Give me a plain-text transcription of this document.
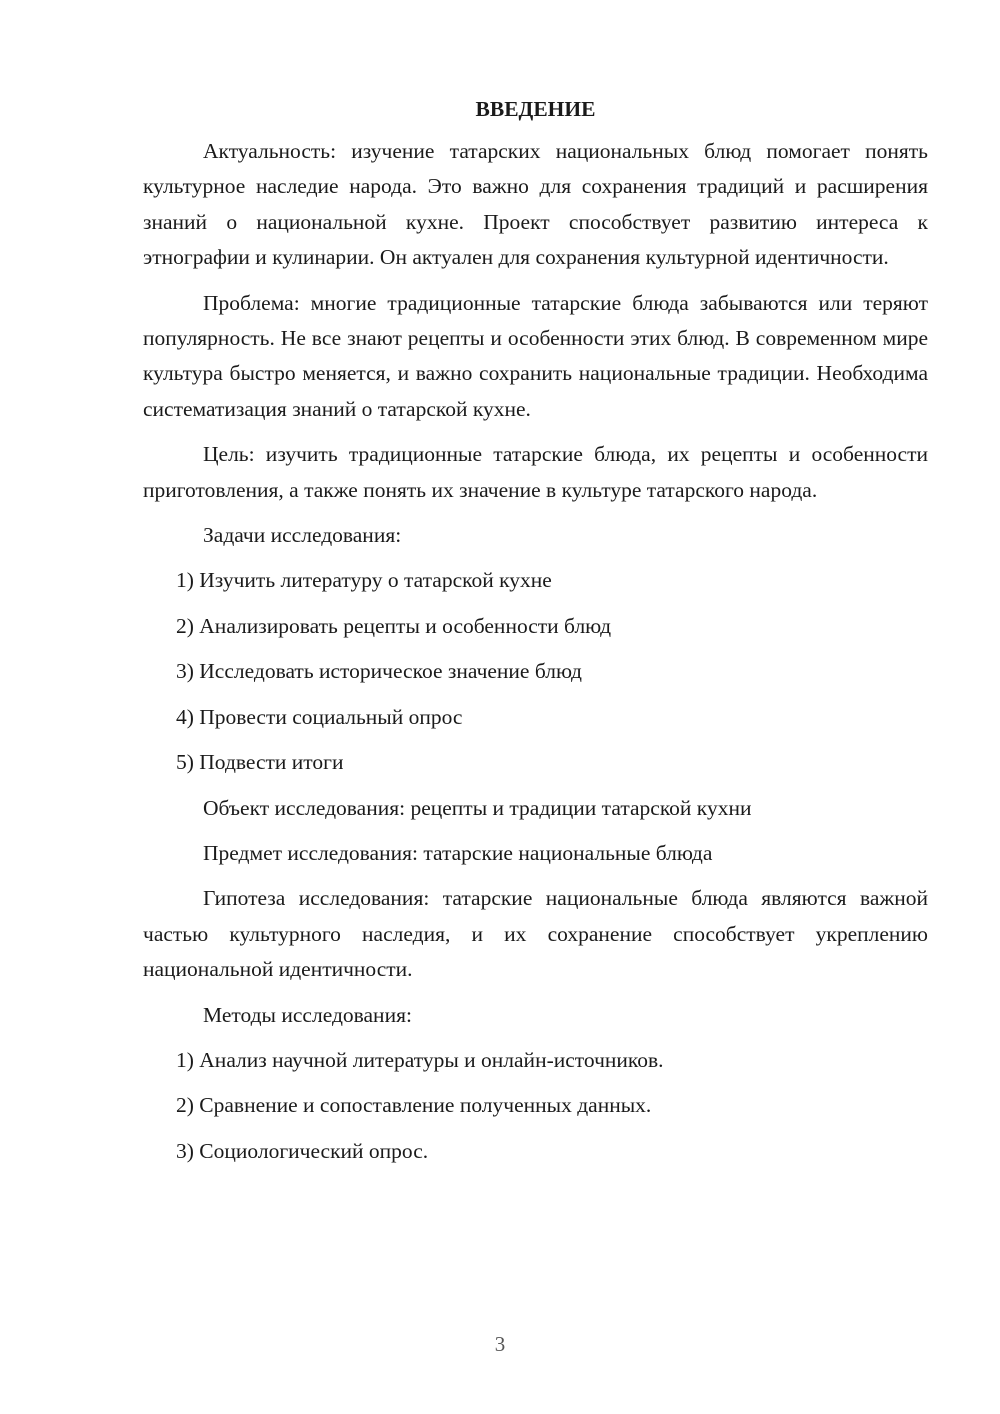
ВВЕДЕНИЕ

Актуальность: изучение татарских национальных блюд помогает понять культурное наследие народа. Это важно для сохранения традиций и расширения знаний о национальной кухне. Проект способствует развитию интереса к этнографии и кулинарии. Он актуален для сохранения культурной идентичности.

Проблема: многие традиционные татарские блюда забываются или теряют популярность. Не все знают рецепты и особенности этих блюд. В современном мире культура быстро меняется, и важно сохранить национальные традиции. Необходима систематизация знаний о татарской кухне.

Цель: изучить традиционные татарские блюда, их рецепты и особенности приготовления, а также понять их значение в культуре татарского народа.

Задачи исследования:
1) Изучить литературу о татарской кухне
2) Анализировать рецепты и особенности блюд
3) Исследовать историческое значение блюд
4) Провести социальный опрос
5) Подвести итоги
Объект исследования: рецепты и традиции татарской кухни
Предмет исследования: татарские национальные блюда

Гипотеза исследования: татарские национальные блюда являются важной частью культурного наследия, и их сохранение способствует укреплению национальной идентичности.

Методы исследования:
1) Анализ научной литературы и онлайн-источников.
2) Сравнение и сопоставление полученных данных.
3) Социологический опрос.
3
